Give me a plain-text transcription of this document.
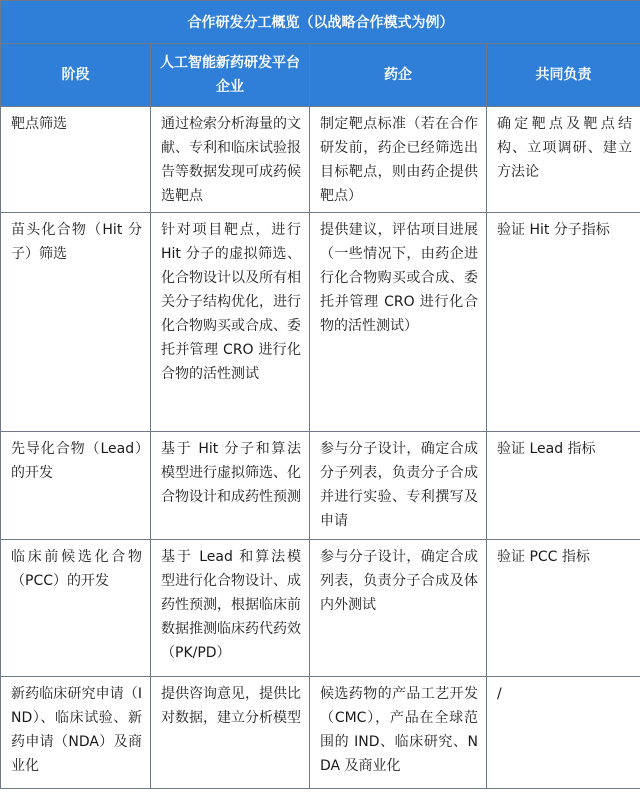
合作研发分工概览（以战略合作模式为例）			
阶段	人工智能新药研发平台企业	药企	共同负责
靶点筛选	通过检索分析海量的文献、专利和临床试验报告等数据发现可成药候选靶点	制定靶点标准（若在合作研发前，药企已经筛选出目标靶点，则由药企提供靶点）	确定靶点及靶点结构、立项调研、建立方法论
苗头化合物（Hit 分子）筛选	针对项目靶点，进行 Hit 分子的虚拟筛选、化合物设计以及所有相关分子结构优化，进行化合物购买或合成、委托并管理 CRO 进行化合物的活性测试	提供建议，评估项目进展（一些情况下，由药企进行化合物购买或合成、委托并管理 CRO 进行化合物的活性测试）	验证 Hit 分子指标
先导化合物（Lead）的开发	基于 Hit 分子和算法模型进行虚拟筛选、化合物设计和成药性预测	参与分子设计，确定合成分子列表，负责分子合成并进行实验、专利撰写及申请	验证 Lead 指标
临床前候选化合物（PCC）的开发	基于 Lead 和算法模型进行化合物设计、成药性预测，根据临床前数据推测临床药代药效（PK/PD）	参与分子设计，确定合成列表，负责分子合成及体内外测试	验证 PCC 指标
新药临床研究申请（IND）、临床试验、新药申请（NDA）及商业化	提供咨询意见，提供比对数据，建立分析模型	候选药物的产品工艺开发（CMC），产品在全球范围的 IND、临床研究、NDA 及商业化	/
